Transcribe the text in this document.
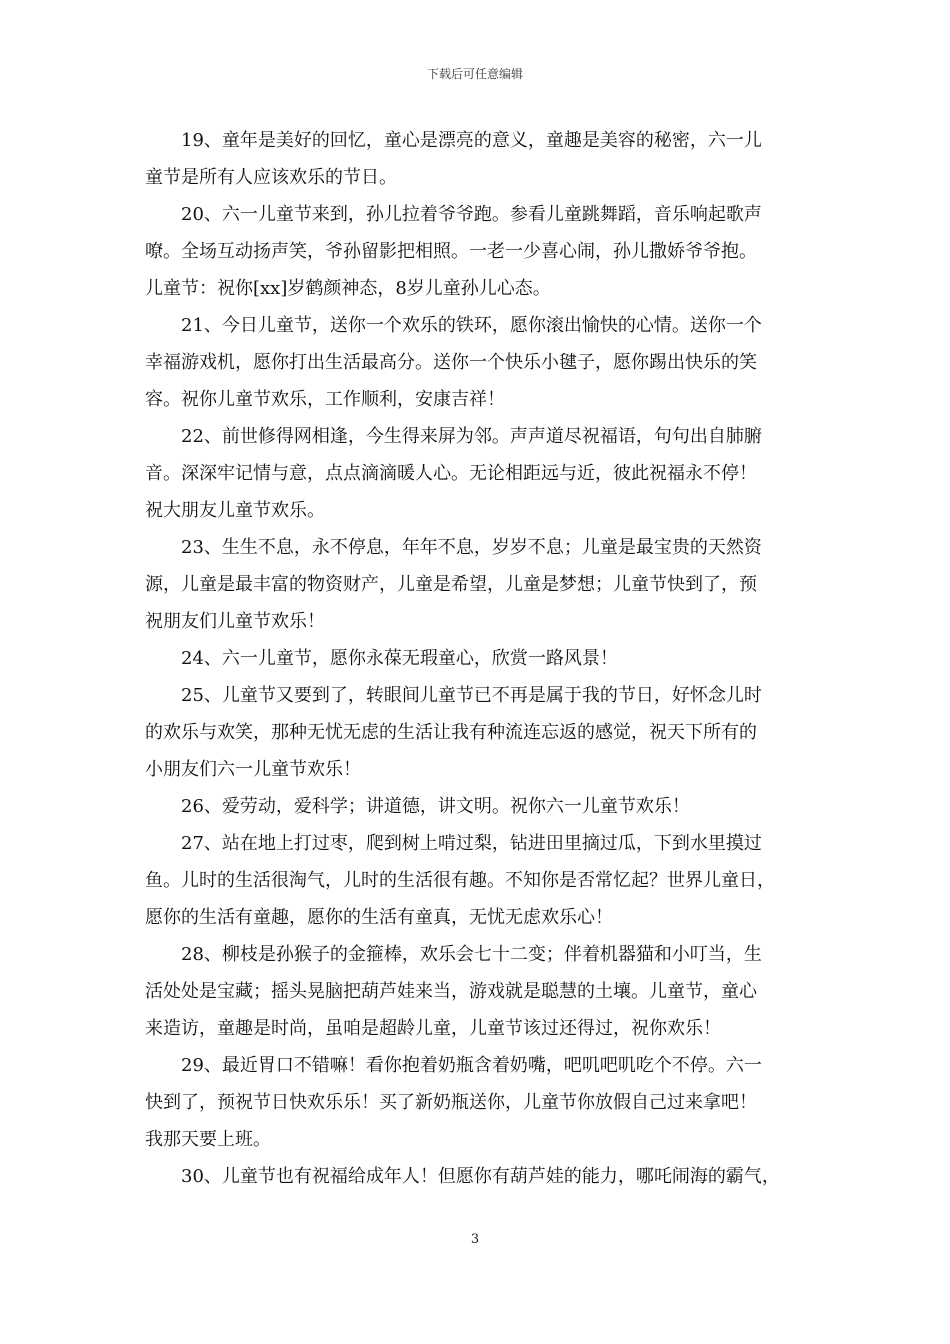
下载后可任意编辑
19、童年是美好的回忆，童心是漂亮的意义，童趣是美容的秘密，六一儿
童节是所有人应该欢乐的节日。
20、六一儿童节来到，孙儿拉着爷爷跑。参看儿童跳舞蹈，音乐响起歌声
嘹。全场互动扬声笑，爷孙留影把相照。一老一少喜心闹，孙儿撒娇爷爷抱。
儿童节：祝你[xx]岁鹤颜神态，8岁儿童孙儿心态。
21、今日儿童节，送你一个欢乐的铁环，愿你滚出愉快的心情。送你一个
幸福游戏机，愿你打出生活最高分。送你一个快乐小毽子，愿你踢出快乐的笑
容。祝你儿童节欢乐，工作顺利，安康吉祥！
22、前世修得网相逢，今生得来屏为邻。声声道尽祝福语，句句出自肺腑
音。深深牢记情与意，点点滴滴暖人心。无论相距远与近，彼此祝福永不停！
祝大朋友儿童节欢乐。
23、生生不息，永不停息，年年不息，岁岁不息；儿童是最宝贵的天然资
源，儿童是最丰富的物资财产，儿童是希望，儿童是梦想；儿童节快到了，预
祝朋友们儿童节欢乐！
24、六一儿童节，愿你永葆无瑕童心，欣赏一路风景！
25、儿童节又要到了，转眼间儿童节已不再是属于我的节日，好怀念儿时
的欢乐与欢笑，那种无忧无虑的生活让我有种流连忘返的感觉，祝天下所有的
小朋友们六一儿童节欢乐！
26、爱劳动，爱科学；讲道德，讲文明。祝你六一儿童节欢乐！
27、站在地上打过枣，爬到树上啃过梨，钻进田里摘过瓜，下到水里摸过
鱼。儿时的生活很淘气，儿时的生活很有趣。不知你是否常忆起？世界儿童日，
愿你的生活有童趣，愿你的生活有童真，无忧无虑欢乐心！
28、柳枝是孙猴子的金箍棒，欢乐会七十二变；伴着机器猫和小叮当，生
活处处是宝藏；摇头晃脑把葫芦娃来当，游戏就是聪慧的土壤。儿童节，童心
来造访，童趣是时尚，虽咱是超龄儿童，儿童节该过还得过，祝你欢乐！
29、最近胃口不错嘛！看你抱着奶瓶含着奶嘴，吧叽吧叽吃个不停。六一
快到了，预祝节日快欢乐乐！买了新奶瓶送你，儿童节你放假自己过来拿吧！
我那天要上班。
30、儿童节也有祝福给成年人！但愿你有葫芦娃的能力，哪吒闹海的霸气，
3
